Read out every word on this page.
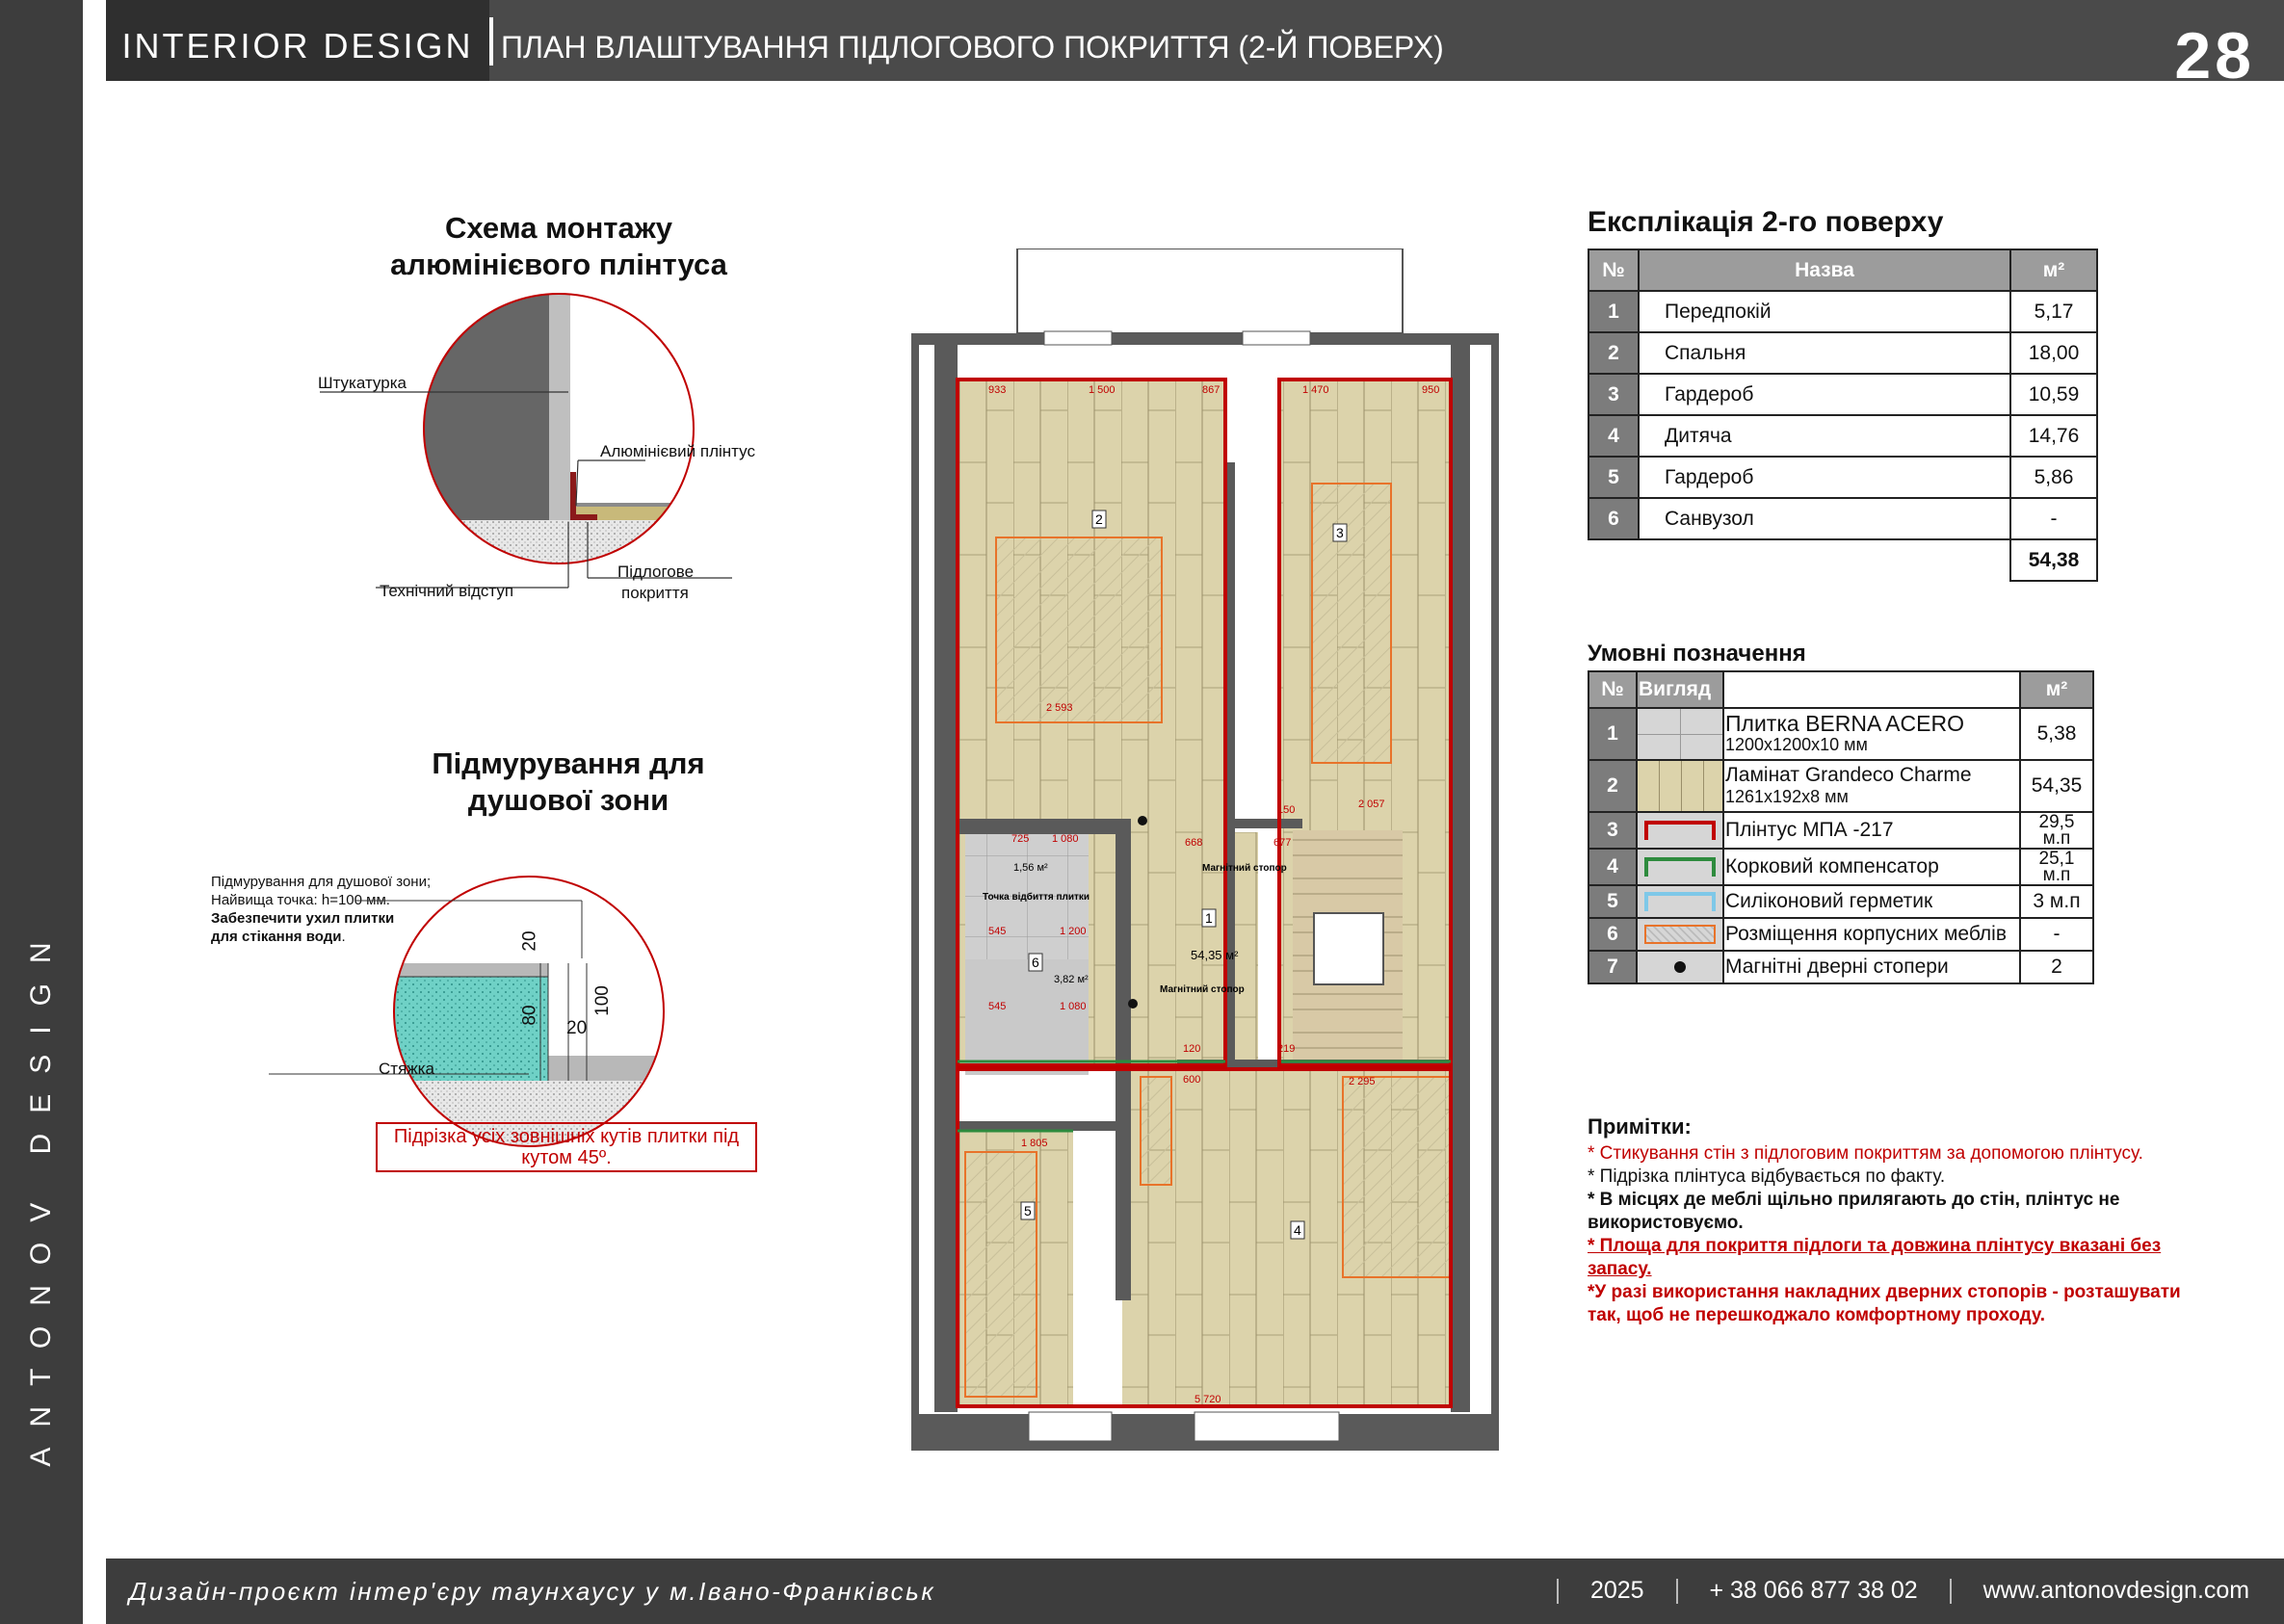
ANTONOV DESIGN
INTERIOR DESIGN ПЛАН ВЛАШТУВАННЯ ПІДЛОГОВОГО ПОКРИТТЯ (2-Й ПОВЕРХ)	28
Схема монтажу
алюмінієвого плінтуса
Штукатурка
Алюмінієвий плінтус
Технічний відступ
Підлогове
покриття
Підмурування для
душової зони
Підмурування для душової зони;
Найвища точка: h=100 мм.
Забезпечити ухил плитки
для стікання води.	20
80
20
100
Стяжка
Підрізка усіх зовнішніх кутів плитки під
кутом 45º.
2
3
1
6
4
5
54,35 м²
3,82 м²
1,56 м²
Точка відбиття плитки
Магнітний стопор
Магнітний стопор
933	1 500	867	1 470	950
2 593
2 057
725 1 080
545	1 200
545	1 080
2 295
1 805
5 720
668	677
150
120
600
219
Експлікація 2-го поверху
№	Назва	м²
1	Передпокій	5,17
2	Спальня	18,00
3	Гардероб	10,59
4	Дитяча	14,76
5	Гардероб	5,86
6	Санвузол	-
		54,38
Умовні позначення
№	Вигляд		м²
1		Плитка BERNA ACERO
1200х1200х10 мм	5,38
2		Ламінат Grandeco Charme
1261х192х8 мм	54,35
3		Плінтус МПА -217	29,5
м.п

4		Корковий компенсатор	25,1
м.п

5		Силіконовий герметик	3 м.п
6		Розміщення корпусних меблів	-
7		Магнітні дверні стопери	2

Примітки:

* Стикування стін з підлоговим покриттям за допомогою плінтусу.

* Підрізка плінтуса відбувається по факту.

* В місцях де меблі щільно прилягають до стін, плінтус не використовуємо.

* Площа для покриття підлоги та довжина плінтусу вказані без запасу.

*У разі використання накладних дверних стопорів - розташувати так, щоб не перешкоджало комфортному проходу.

Дизайн-проєкт інтер'єру таунхаусу у м.Івано-Франківськ	2025	+ 38 066 877 38 02	www.antonovdesign.com
